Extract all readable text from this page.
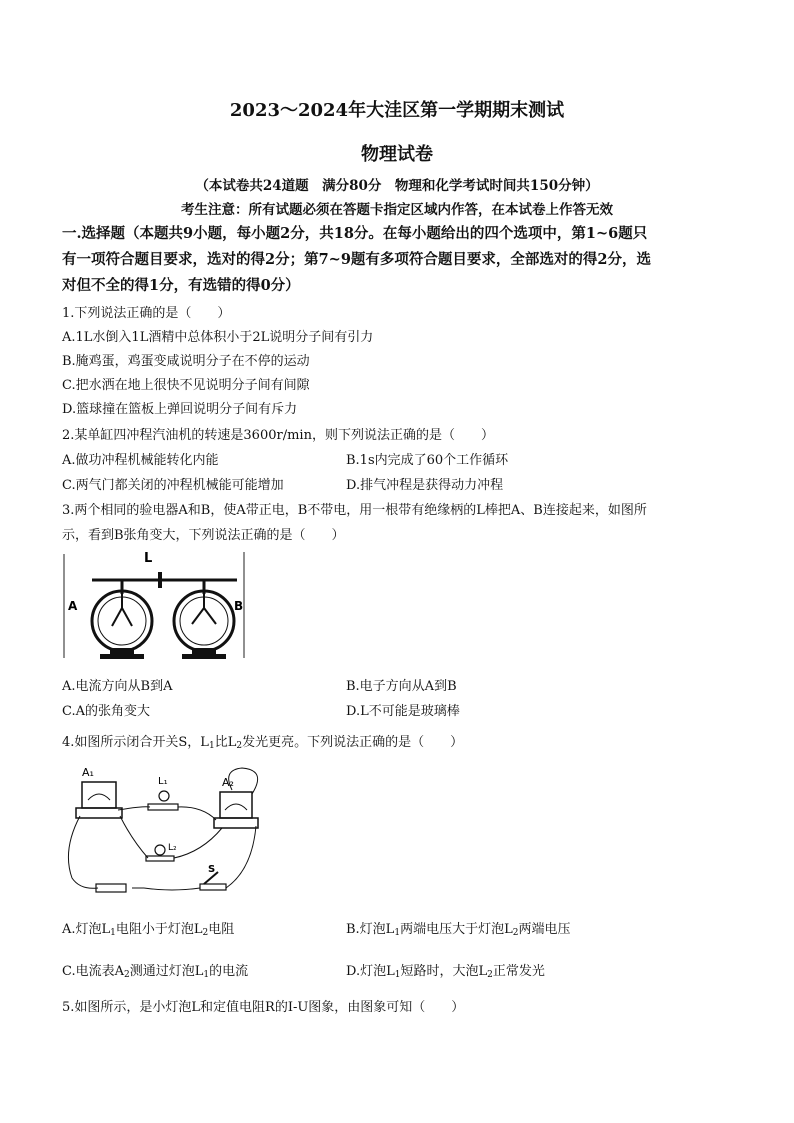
2023～2024年大洼区第一学期期末测试
物理试卷
（本试卷共24道题　满分80分　物理和化学考试时间共150分钟）
考生注意：所有试题必须在答题卡指定区域内作答，在本试卷上作答无效
一.选择题（本题共9小题，每小题2分，共18分。在每小题给出的四个选项中，第1~6题只
有一项符合题目要求，选对的得2分；第7~9题有多项符合题目要求，全部选对的得2分，选
对但不全的得1分，有选错的得0分）
1.下列说法正确的是（　　）
A.1L水倒入1L酒精中总体积小于2L说明分子间有引力
B.腌鸡蛋，鸡蛋变咸说明分子在不停的运动
C.把水洒在地上很快不见说明分子间有间隙
D.篮球撞在篮板上弹回说明分子间有斥力
2.某单缸四冲程汽油机的转速是3600r/min，则下列说法正确的是（　　）
A.做功冲程机械能转化内能	B.1s内完成了60个工作循环
C.两气门都关闭的冲程机械能可能增加	D.排气冲程是获得动力冲程
3.两个相同的验电器A和B，使A带正电，B不带电，用一根带有绝缘柄的L棒把A、B连接起来，如图所
示，看到B张角变大，下列说法正确的是（　　）
L
A	B
A.电流方向从B到A	B.电子方向从A到B
C.A的张角变大	D.L不可能是玻璃棒
4.如图所示闭合开关S，$L_1$比$L_2$发光更亮。下列说法正确的是（　　）
A₁
L₁	A₂
L₂
S
A.灯泡$L_1$电阻小于灯泡$L_2$电阻	B.灯泡$L_1$两端电压大于灯泡$L_2$两端电压
C.电流表$A_2$测通过灯泡$L_1$的电流	D.灯泡$L_1$短路时，大泡$L_2$正常发光
5.如图所示，是小灯泡L和定值电阻R的I-U图象，由图象可知（　　）
